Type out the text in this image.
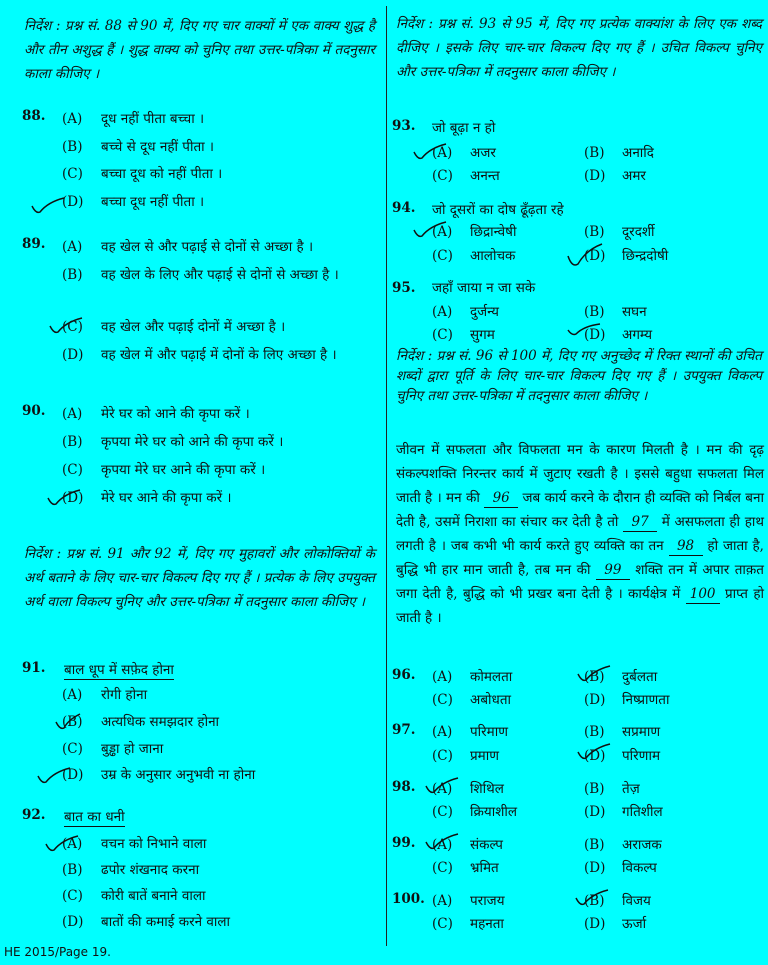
निर्देश : प्रश्न सं. 88 से 90 में, दिए गए चार वाक्यों में एक वाक्य शुद्ध है और तीन अशुद्ध हैं । शुद्ध वाक्य को चुनिए तथा उत्तर-पत्रिका में तदनुसार काला कीजिए ।

88. (A) दूध नहीं पीता बच्चा ।
(B) बच्चे से दूध नहीं पीता ।
(C) बच्चा दूध को नहीं पीता ।
(D) बच्चा दूध नहीं पीता ।
89. (A) वह खेल से और पढ़ाई से दोनों से अच्छा है ।
(B) वह खेल के लिए और पढ़ाई से दोनों से अच्छा है ।
(C) वह खेल और पढ़ाई दोनों में अच्छा है ।
(D) वह खेल में और पढ़ाई में दोनों के लिए अच्छा है ।
90. (A) मेरे घर को आने की कृपा करें ।
(B) कृपया मेरे घर को आने की कृपा करें ।
(C) कृपया मेरे घर आने की कृपा करें ।
(D) मेरे घर आने की कृपा करें ।

निर्देश : प्रश्न सं. 91 और 92 में, दिए गए मुहावरों और लोकोक्तियों के अर्थ बताने के लिए चार-चार विकल्प दिए गए हैं । प्रत्येक के लिए उपयुक्त अर्थ वाला विकल्प चुनिए और उत्तर-पत्रिका में तदनुसार काला कीजिए ।

91. बाल धूप में सफ़ेद होना
(A) रोगी होना
(B) अत्यधिक समझदार होना
(C) बुड्ढा हो जाना
(D) उम्र के अनुसार अनुभवी ना होना
92. बात का धनी
(A) वचन को निभाने वाला
(B) ढपोर शंखनाद करना
(C) कोरी बातें बनाने वाला
(D) बातों की कमाई करने वाला

निर्देश : प्रश्न सं. 93 से 95 में, दिए गए प्रत्येक वाक्यांश के लिए एक शब्द दीजिए । इसके लिए चार-चार विकल्प दिए गए हैं । उचित विकल्प चुनिए और उत्तर-पत्रिका में तदनुसार काला कीजिए ।

93. जो बूढ़ा न हो
(A) अजर	(B) अनादि
(C) अनन्त	(D) अमर
94. जो दूसरों का दोष ढूँढ़ता रहे
(A) छिद्रान्वेषी	(B) दूरदर्शी
(C) आलोचक	(D) छिन्द्रदोषी
95. जहाँ जाया न जा सके
(A) दुर्जन्य	(B) सघन
(C) सुगम	(D) अगम्य

निर्देश : प्रश्न सं. 96 से 100 में, दिए गए अनुच्छेद में रिक्त स्थानों की उचित शब्दों द्वारा पूर्ति के लिए चार-चार विकल्प दिए गए हैं । उपयुक्त विकल्प चुनिए तथा उत्तर-पत्रिका में तदनुसार काला कीजिए ।

जीवन में सफलता और विफलता मन के कारण मिलती है । मन की दृढ़ संकल्पशक्ति निरन्तर कार्य में जुटाए रखती है । इससे बहुधा सफलता मिल जाती है । मन की 96 जब कार्य करने के दौरान ही व्यक्ति को निर्बल बना देती है, उसमें निराशा का संचार कर देती है तो 97 में असफलता ही हाथ लगती है । जब कभी भी कार्य करते हुए व्यक्ति का तन 98 हो जाता है, बुद्धि भी हार मान जाती है, तब मन की 99 शक्ति तन में अपार ताक़त जगा देती है, बुद्धि को भी प्रखर बना देती है । कार्यक्षेत्र में 100 प्राप्त हो जाती है ।
96. (A) कोमलता	(B) दुर्बलता
(C) अबोधता	(D) निष्प्राणता
97. (A) परिमाण	(B) सप्रमाण
(C) प्रमाण	(D) परिणाम
98. (A) शिथिल	(B) तेज़
(C) क्रियाशील	(D) गतिशील
99. (A) संकल्प	(B) अराजक
(C) भ्रमित	(D) विकल्प
100. (A) पराजय	(B) विजय
(C) महनता	(D) ऊर्जा
HE 2015/Page 19.
